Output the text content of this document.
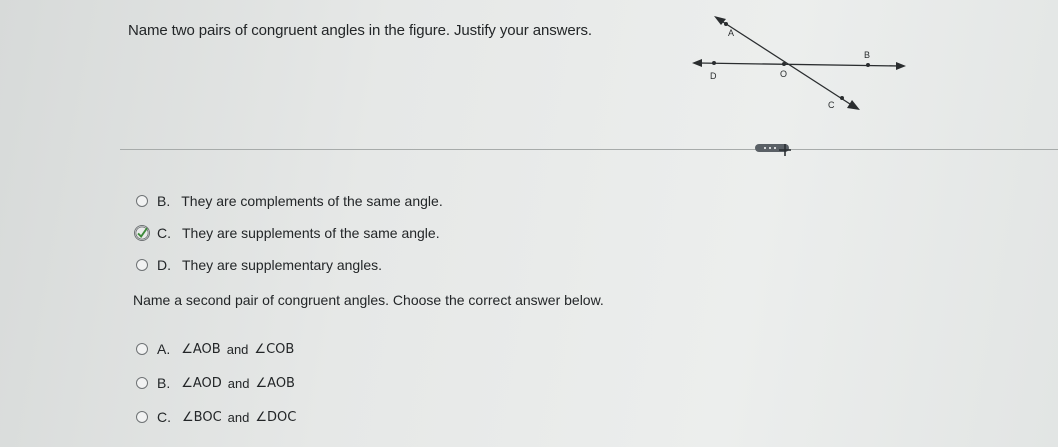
Name two pairs of congruent angles in the figure. Justify your answers.	A
B
D	O
C
B. They are complements of the same angle.
C. They are supplements of the same angle.
D. They are supplementary angles.
Name a second pair of congruent angles. Choose the correct answer below.
A. ∠AOB and ∠COB
B. ∠AOD and ∠AOB
C. ∠BOC and ∠DOC
